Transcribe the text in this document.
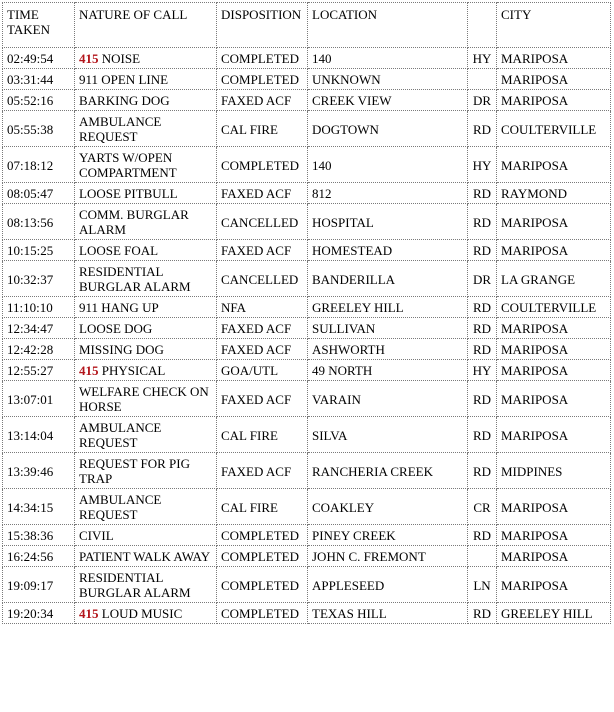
TIME TAKEN	NATURE OF CALL	DISPOSITION	LOCATION		CITY
02:49:54	415 NOISE	COMPLETED	140	HY	MARIPOSA
03:31:44	911 OPEN LINE	COMPLETED	UNKNOWN		MARIPOSA
05:52:16	BARKING DOG	FAXED ACF	CREEK VIEW	DR	MARIPOSA
05:55:38	AMBULANCE REQUEST	CAL FIRE	DOGTOWN	RD	COULTERVILLE
07:18:12	YARTS W/OPEN COMPARTMENT	COMPLETED	140	HY	MARIPOSA
08:05:47	LOOSE PITBULL	FAXED ACF	812	RD	RAYMOND
08:13:56	COMM. BURGLAR ALARM	CANCELLED	HOSPITAL	RD	MARIPOSA
10:15:25	LOOSE FOAL	FAXED ACF	HOMESTEAD	RD	MARIPOSA
10:32:37	RESIDENTIAL BURGLAR ALARM	CANCELLED	BANDERILLA	DR	LA GRANGE
11:10:10	911 HANG UP	NFA	GREELEY HILL	RD	COULTERVILLE
12:34:47	LOOSE DOG	FAXED ACF	SULLIVAN	RD	MARIPOSA
12:42:28	MISSING DOG	FAXED ACF	ASHWORTH	RD	MARIPOSA
12:55:27	415 PHYSICAL	GOA/UTL	49 NORTH	HY	MARIPOSA
13:07:01	WELFARE CHECK ON HORSE	FAXED ACF	VARAIN	RD	MARIPOSA
13:14:04	AMBULANCE REQUEST	CAL FIRE	SILVA	RD	MARIPOSA
13:39:46	REQUEST FOR PIG TRAP	FAXED ACF	RANCHERIA CREEK	RD	MIDPINES
14:34:15	AMBULANCE REQUEST	CAL FIRE	COAKLEY	CR	MARIPOSA
15:38:36	CIVIL	COMPLETED	PINEY CREEK	RD	MARIPOSA
16:24:56	PATIENT WALK AWAY	COMPLETED	JOHN C. FREMONT		MARIPOSA
19:09:17	RESIDENTIAL BURGLAR ALARM	COMPLETED	APPLESEED	LN	MARIPOSA
19:20:34	415 LOUD MUSIC	COMPLETED	TEXAS HILL	RD	GREELEY HILL
